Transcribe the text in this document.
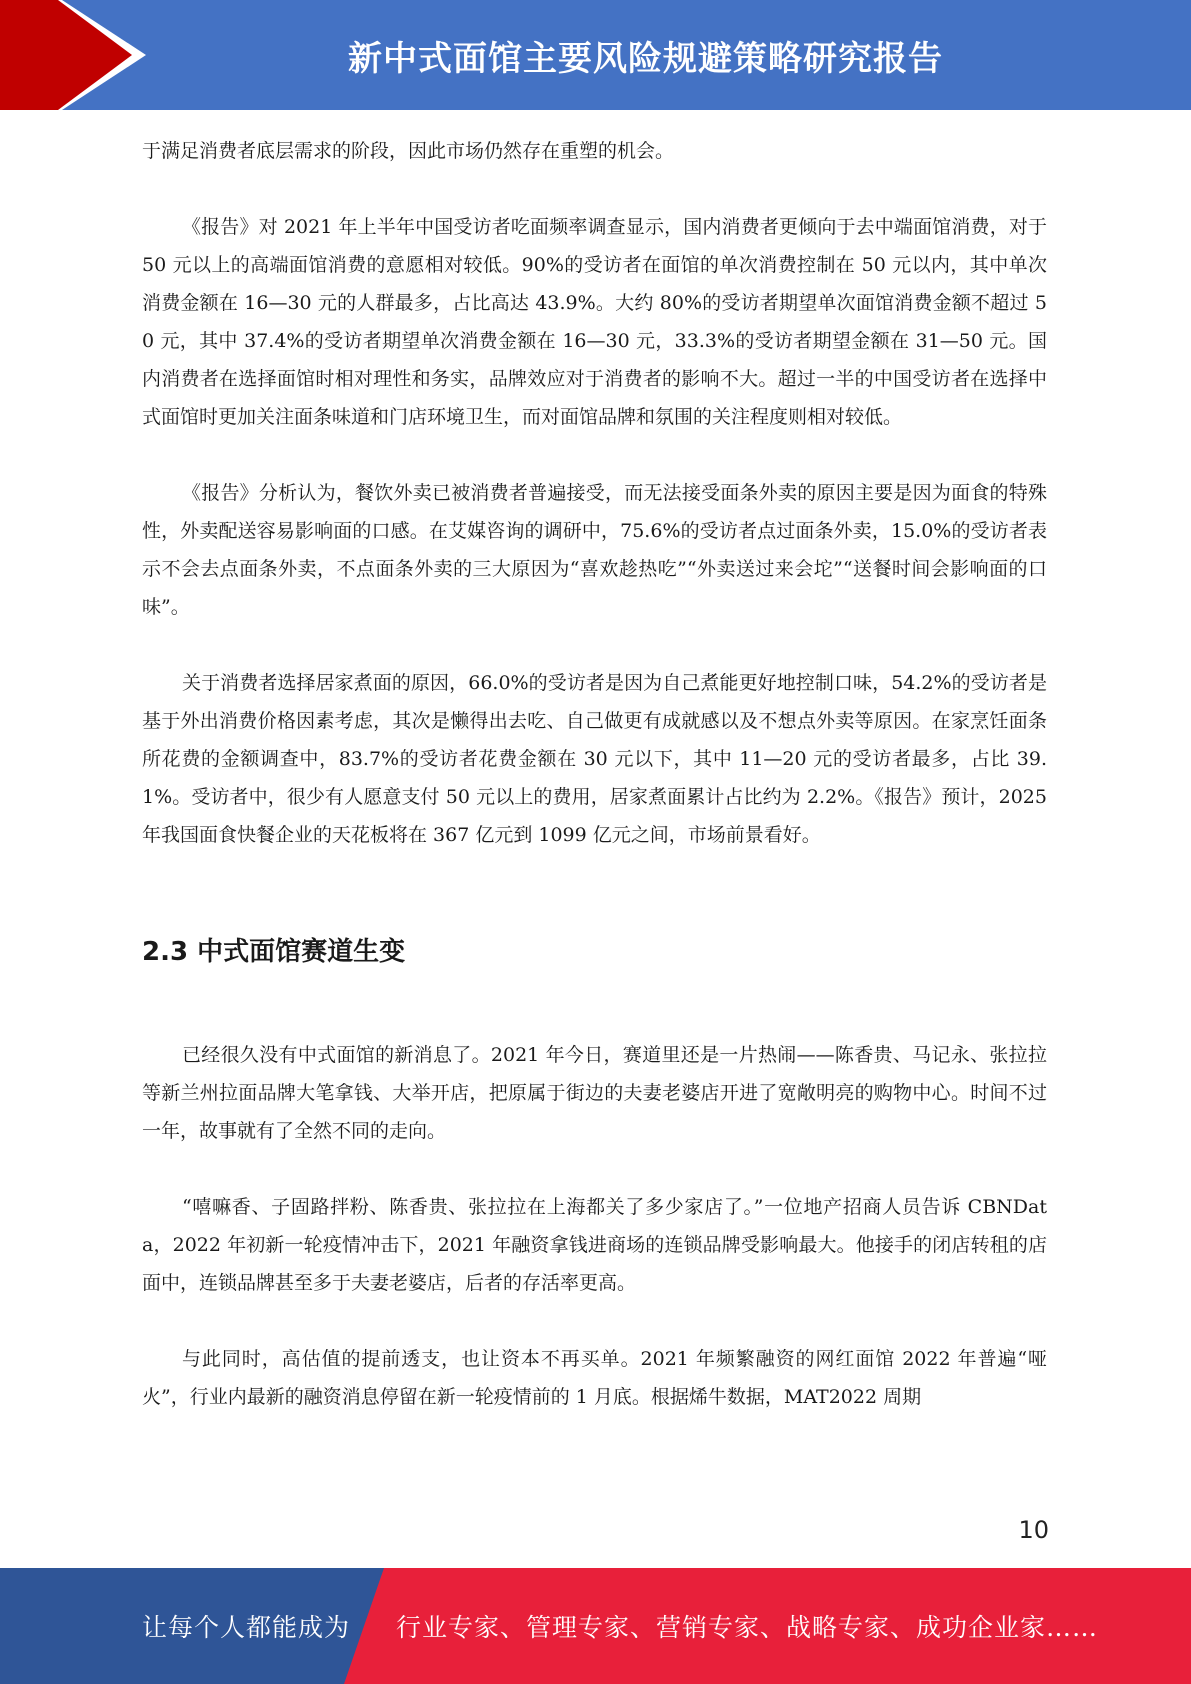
新中式面馆主要风险规避策略研究报告

于满足消费者底层需求的阶段，因此市场仍然存在重塑的机会。

《报告》对 2021 年上半年中国受访者吃面频率调查显示，国内消费者更倾向于去中端面馆消费，对于 50 元以上的高端面馆消费的意愿相对较低。90%的受访者在面馆的单次消费控制在 50 元以内，其中单次消费金额在 16—30 元的人群最多，占比高达 43.9%。大约 80%的受访者期望单次面馆消费金额不超过 50 元，其中 37.4%的受访者期望单次消费金额在 16—30 元，33.3%的受访者期望金额在 31—50 元。国内消费者在选择面馆时相对理性和务实，品牌效应对于消费者的影响不大。超过一半的中国受访者在选择中式面馆时更加关注面条味道和门店环境卫生，而对面馆品牌和氛围的关注程度则相对较低。

《报告》分析认为，餐饮外卖已被消费者普遍接受，而无法接受面条外卖的原因主要是因为面食的特殊性，外卖配送容易影响面的口感。在艾媒咨询的调研中，75.6%的受访者点过面条外卖，15.0%的受访者表示不会去点面条外卖，不点面条外卖的三大原因为“喜欢趁热吃”“外卖送过来会坨”“送餐时间会影响面的口味”。

关于消费者选择居家煮面的原因，66.0%的受访者是因为自己煮能更好地控制口味，54.2%的受访者是基于外出消费价格因素考虑，其次是懒得出去吃、自己做更有成就感以及不想点外卖等原因。在家烹饪面条所花费的金额调查中，83.7%的受访者花费金额在 30 元以下，其中 11—20 元的受访者最多，占比 39.1%。受访者中，很少有人愿意支付 50 元以上的费用，居家煮面累计占比约为 2.2%。《报告》预计，2025 年我国面食快餐企业的天花板将在 367 亿元到 1099 亿元之间，市场前景看好。

2.3 中式面馆赛道生变

已经很久没有中式面馆的新消息了。2021 年今日，赛道里还是一片热闹——陈香贵、马记永、张拉拉等新兰州拉面品牌大笔拿钱、大举开店，把原属于街边的夫妻老婆店开进了宽敞明亮的购物中心。时间不过一年，故事就有了全然不同的走向。

“嘻嘛香、子固路拌粉、陈香贵、张拉拉在上海都关了多少家店了。”一位地产招商人员告诉 CBNData，2022 年初新一轮疫情冲击下，2021 年融资拿钱进商场的连锁品牌受影响最大。他接手的闭店转租的店面中，连锁品牌甚至多于夫妻老婆店，后者的存活率更高。

与此同时，高估值的提前透支，也让资本不再买单。2021 年频繁融资的网红面馆 2022 年普遍“哑火”，行业内最新的融资消息停留在新一轮疫情前的 1 月底。根据烯牛数据，MAT2022 周期

10
让每个人都能成为 行业专家、管理专家、营销专家、战略专家、成功企业家……
